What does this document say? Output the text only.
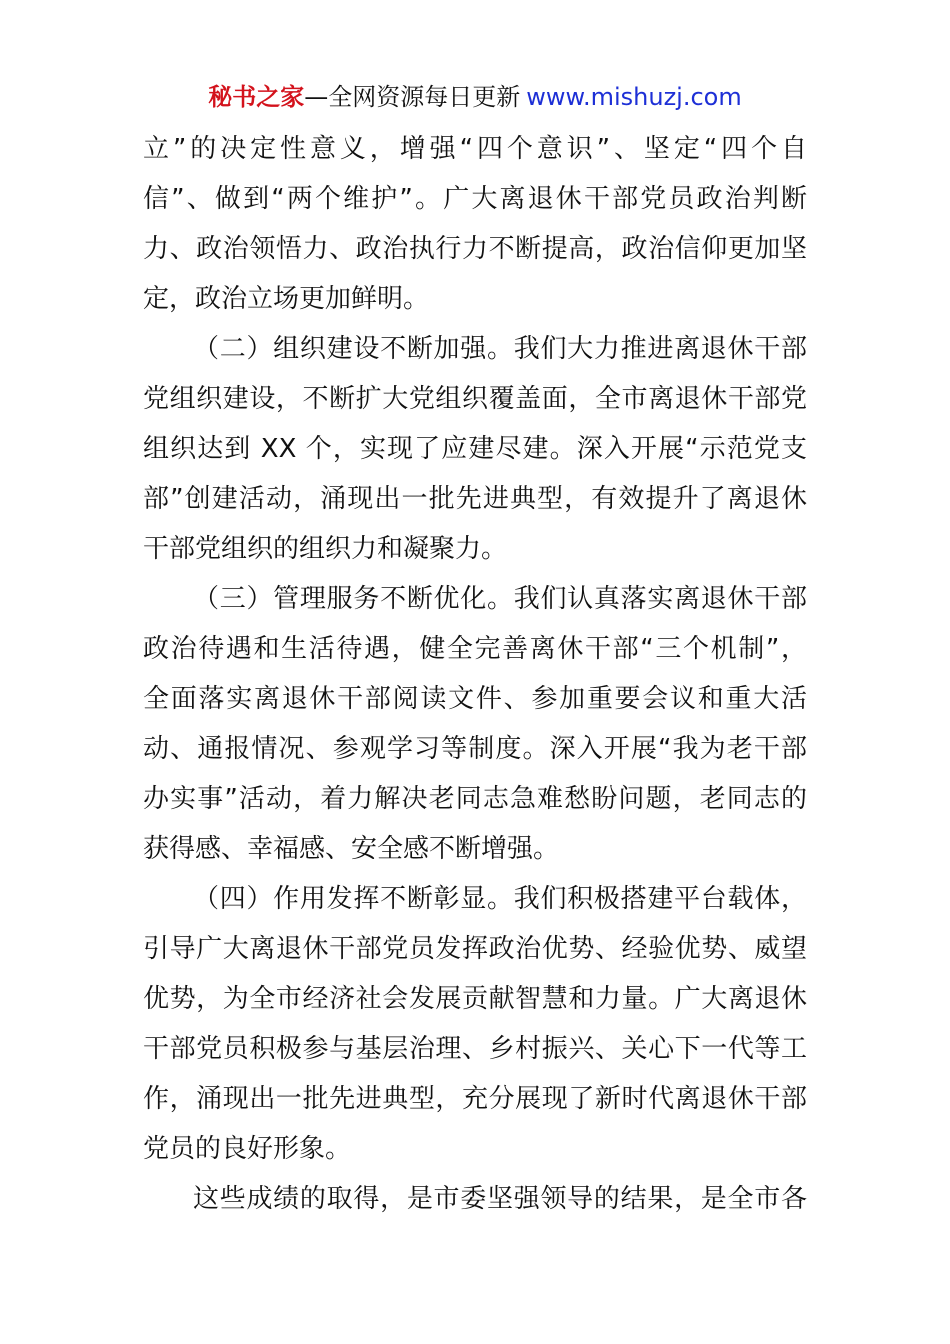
秘书之家—全网资源每日更新 www.mishuzj.com
立”的决定性意义，增强“四个意识”、坚定“四个自
信”、做到“两个维护”。广大离退休干部党员政治判断
力、政治领悟力、政治执行力不断提高，政治信仰更加坚
定，政治立场更加鲜明。
（二）组织建设不断加强。我们大力推进离退休干部
党组织建设，不断扩大党组织覆盖面，全市离退休干部党
组织达到 XX 个，实现了应建尽建。深入开展“示范党支
部”创建活动，涌现出一批先进典型，有效提升了离退休
干部党组织的组织力和凝聚力。
（三）管理服务不断优化。我们认真落实离退休干部
政治待遇和生活待遇，健全完善离休干部“三个机制”，
全面落实离退休干部阅读文件、参加重要会议和重大活
动、通报情况、参观学习等制度。深入开展“我为老干部
办实事”活动，着力解决老同志急难愁盼问题，老同志的
获得感、幸福感、安全感不断增强。
（四）作用发挥不断彰显。我们积极搭建平台载体，
引导广大离退休干部党员发挥政治优势、经验优势、威望
优势，为全市经济社会发展贡献智慧和力量。广大离退休
干部党员积极参与基层治理、乡村振兴、关心下一代等工
作，涌现出一批先进典型，充分展现了新时代离退休干部
党员的良好形象。
这些成绩的取得，是市委坚强领导的结果，是全市各
